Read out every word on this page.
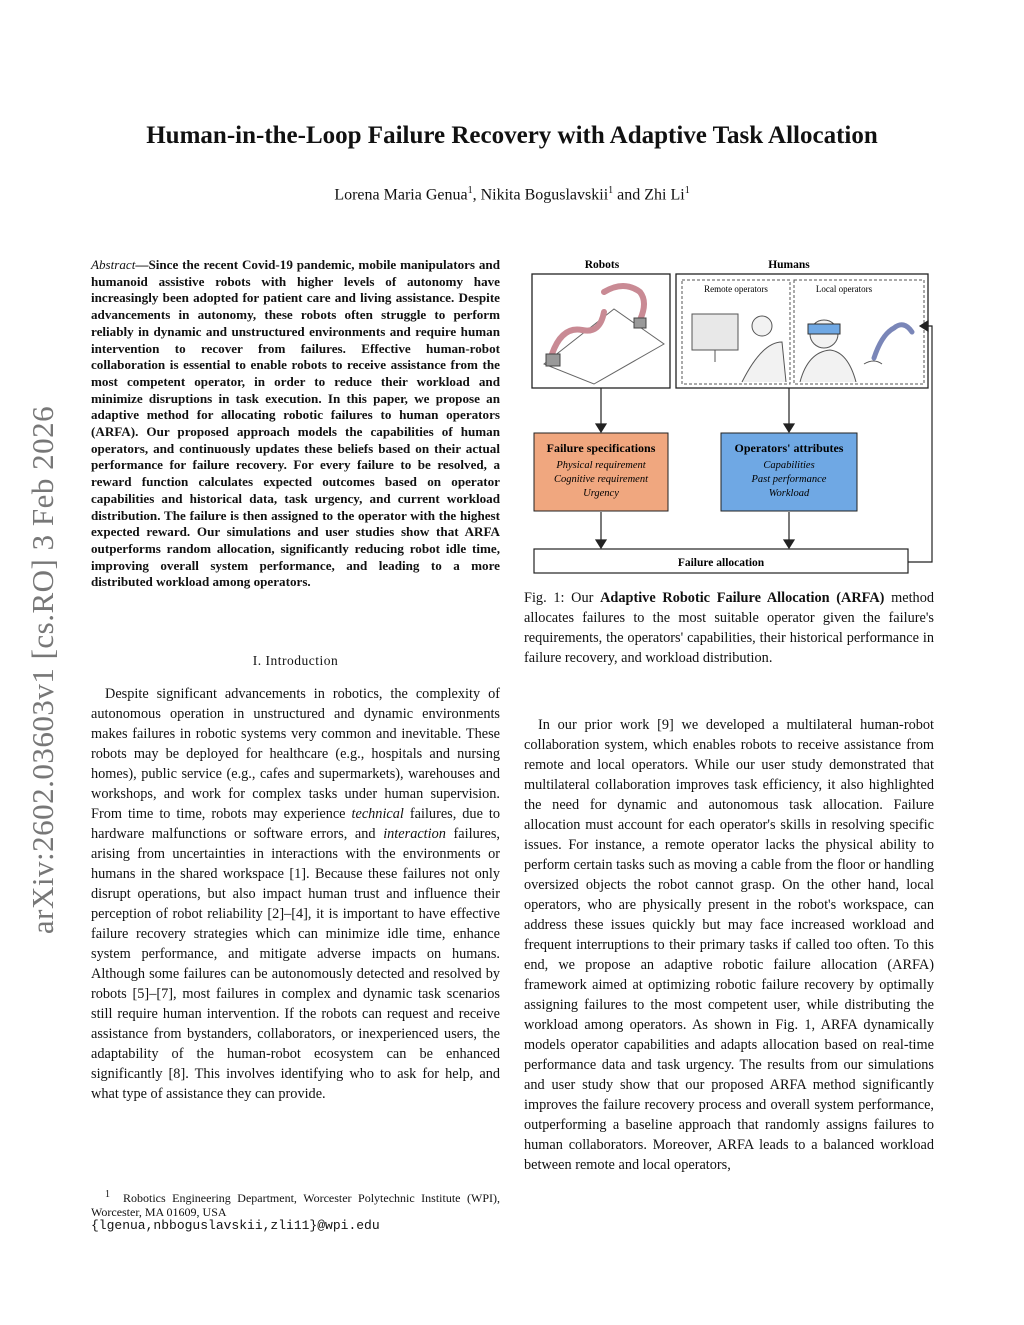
arXiv:2602.03603v1 [cs.RO] 3 Feb 2026
Human-in-the-Loop Failure Recovery with Adaptive Task Allocation
Lorena Maria Genua$^1$, Nikita Boguslavskii$^1$ and Zhi Li$^1$
Abstract—Since the recent Covid-19 pandemic, mobile manipulators and humanoid assistive robots with higher levels of autonomy have increasingly been adopted for patient care and living assistance. Despite advancements in autonomy, these robots often struggle to perform reliably in dynamic and unstructured environments and require human intervention to recover from failures. Effective human-robot collaboration is essential to enable robots to receive assistance from the most competent operator, in order to reduce their workload and minimize disruptions in task execution. In this paper, we propose an adaptive method for allocating robotic failures to human operators (ARFA). Our proposed approach models the capabilities of human operators, and continuously updates these beliefs based on their actual performance for failure recovery. For every failure to be resolved, a reward function calculates expected outcomes based on operator capabilities and historical data, task urgency, and current workload distribution. The failure is then assigned to the operator with the highest expected reward. Our simulations and user studies show that ARFA outperforms random allocation, significantly reducing robot idle time, improving overall system performance, and leading to a more distributed workload among operators.
I. Introduction

Despite significant advancements in robotics, the complexity of autonomous operation in unstructured and dynamic environments makes failures in robotic systems very common and inevitable. These robots may be deployed for healthcare (e.g., hospitals and nursing homes), public service (e.g., cafes and supermarkets), warehouses and workshops, and work for complex tasks under human supervision. From time to time, robots may experience technical failures, due to hardware malfunctions or software errors, and interaction failures, arising from uncertainties in interactions with the environments or humans in the shared workspace [1]. Because these failures not only disrupt operations, but also impact human trust and influence their perception of robot reliability [2]–[4], it is important to have effective failure recovery strategies which can minimize idle time, enhance system performance, and mitigate adverse impacts on humans. Although some failures can be autonomously detected and resolved by robots [5]–[7], most failures in complex and dynamic task scenarios still require human intervention. If the robots can request and receive assistance from bystanders, collaborators, or inexperienced users, the adaptability of the human-robot ecosystem can be enhanced significantly [8]. This involves identifying who to ask for help, and what type of assistance they can provide.

$^1$ Robotics Engineering Department, Worcester Polytechnic Institute (WPI), Worcester, MA 01609, USA
{lgenua,nbboguslavskii,zli11}@wpi.edu
Robots	Humans
Remote operators	Local operators
Failure specifications
Physical requirement
Cognitive requirement
Urgency
Operators' attributes
Capabilities
Past performance
Workload
Failure allocation
Fig. 1: Our Adaptive Robotic Failure Allocation (ARFA) method allocates failures to the most suitable operator given the failure's requirements, the operators' capabilities, their historical performance in failure recovery, and workload distribution.

In our prior work [9] we developed a multilateral human-robot collaboration system, which enables robots to receive assistance from remote and local operators. While our user study demonstrated that multilateral collaboration improves task efficiency, it also highlighted the need for dynamic and autonomous task allocation. Failure allocation must account for each operator's skills in resolving specific issues. For instance, a remote operator lacks the physical ability to perform certain tasks such as moving a cable from the floor or handling oversized objects the robot cannot grasp. On the other hand, local operators, who are physically present in the robot's workspace, can address these issues quickly but may face increased workload and frequent interruptions to their primary tasks if called too often. To this end, we propose an adaptive robotic failure allocation (ARFA) framework aimed at optimizing robotic failure recovery by optimally assigning failures to the most competent user, while distributing the workload among operators. As shown in Fig. 1, ARFA dynamically models operator capabilities and adapts allocation based on real-time performance data and task urgency. The results from our simulations and user study show that our proposed ARFA method significantly improves the failure recovery process and overall system performance, outperforming a baseline approach that randomly assigns failures to human collaborators. Moreover, ARFA leads to a balanced workload between remote and local operators,
